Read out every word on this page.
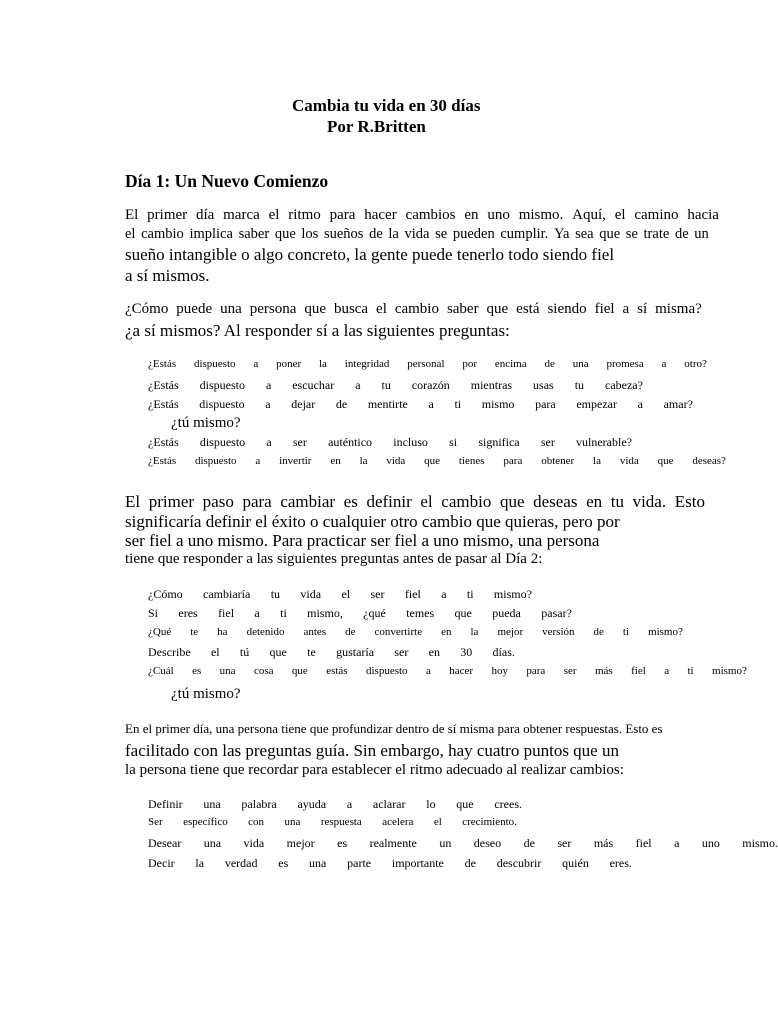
Cambia tu vida en 30 días
Por R.Britten
Día 1: Un Nuevo Comienzo
El primer día marca el ritmo para hacer cambios en uno mismo. Aquí, el camino hacia
el cambio implica saber que los sueños de la vida se pueden cumplir. Ya sea que se trate de un
sueño intangible o algo concreto, la gente puede tenerlo todo siendo fiel
a sí mismos.
¿Cómo puede una persona que busca el cambio saber que está siendo fiel a sí misma?
¿a sí mismos? Al responder sí a las siguientes preguntas:
¿Estás dispuesto a poner la integridad personal por encima de una promesa a otro?
¿Estás dispuesto a escuchar a tu corazón mientras usas tu cabeza?
¿Estás dispuesto a dejar de mentirte a ti mismo para empezar a amar?
¿tú mismo?
¿Estás dispuesto a ser auténtico incluso si significa ser vulnerable?
¿Estás dispuesto a invertir en la vida que tienes para obtener la vida que deseas?
El primer paso para cambiar es definir el cambio que deseas en tu vida. Esto
significaría definir el éxito o cualquier otro cambio que quieras, pero por
ser fiel a uno mismo. Para practicar ser fiel a uno mismo, una persona
tiene que responder a las siguientes preguntas antes de pasar al Día 2:
¿Cómo cambiaría tu vida el ser fiel a ti mismo?
Si eres fiel a ti mismo, ¿qué temes que pueda pasar?
¿Qué te ha detenido antes de convertirte en la mejor versión de ti mismo?
Describe el tú que te gustaría ser en 30 días.
¿Cuál es una cosa que estás dispuesto a hacer hoy para ser más fiel a ti mismo?
¿tú mismo?
En el primer día, una persona tiene que profundizar dentro de sí misma para obtener respuestas. Esto es
facilitado con las preguntas guía. Sin embargo, hay cuatro puntos que un
la persona tiene que recordar para establecer el ritmo adecuado al realizar cambios:
Definir una palabra ayuda a aclarar lo que crees.
Ser específico con una respuesta acelera el crecimiento.
Desear una vida mejor es realmente un deseo de ser más fiel a uno mismo.
Decir la verdad es una parte importante de descubrir quién eres.
